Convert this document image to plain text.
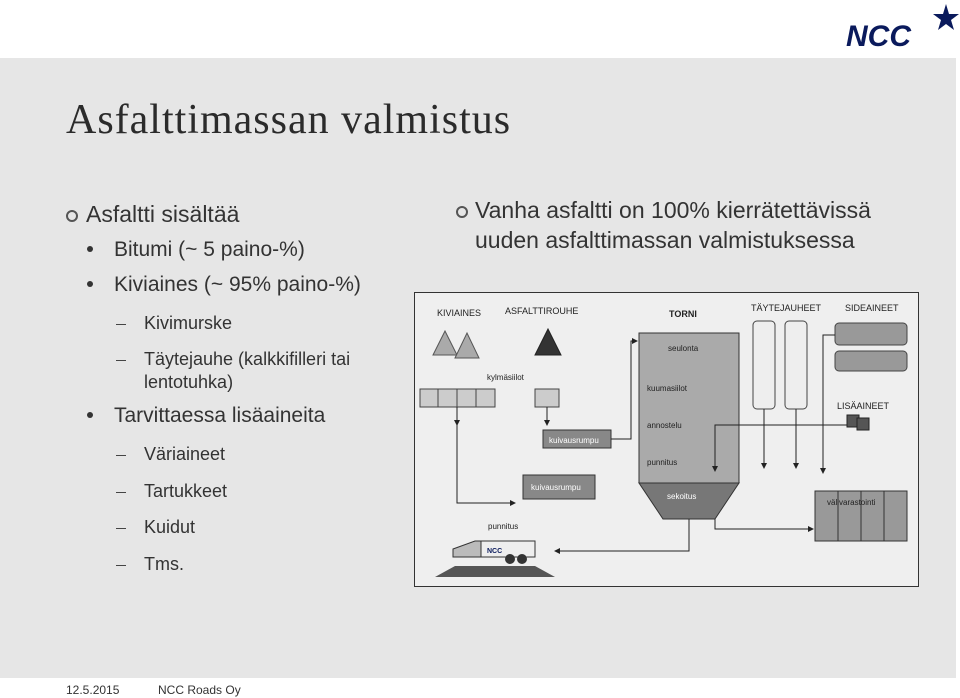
NCC
Asfalttimassan valmistus
Asfaltti sisältää
Bitumi (~ 5 paino-%)
Kiviaines (~ 95% paino-%)
Kivimurske
Täytejauhe (kalkkifilleri tai
lentotuhka)
Tarvittaessa lisäaineita
Väriaineet
Tartukkeet
Kuidut
Tms.
Vanha asfaltti on 100% kierrätettävissä
uuden asfalttimassan valmistuksessa
KIVIAINES	ASFALTTIROUHE	TORNI
TÄYTEJAUHEET	SIDEAINEET
kylmäsiilot
kuivausrumpu
kuivausrumpu
seulonta
kuumasiilot
annostelu
punnitus
sekoitus
LISÄAINEET
välivarastointi
punnitus
NCC
12.5.2015	NCC Roads Oy
